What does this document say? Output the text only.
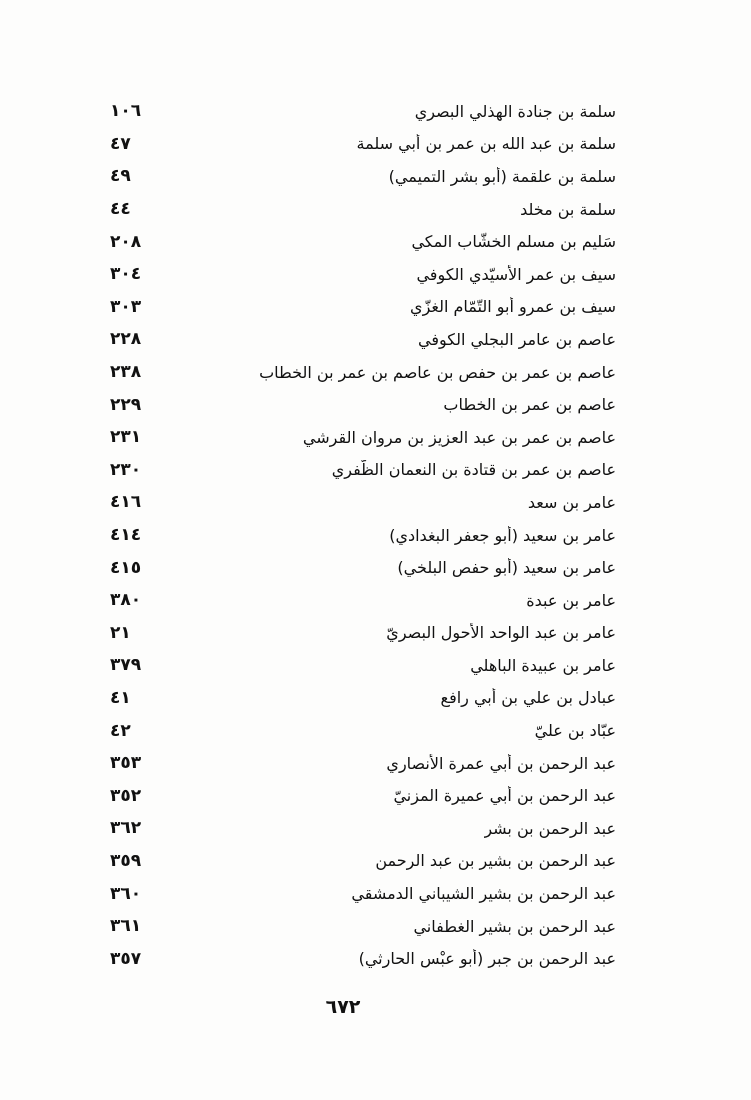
١٠٦	سلمة بن جنادة الهذلي البصري
٤٧	سلمة بن عبد الله بن عمر بن أبي سلمة
٤٩	سلمة بن علقمة (أبو بشر التميمي)
٤٤	سلمة بن مخلد
٢٠٨	سَليم بن مسلم الخشّاب المكي
٣٠٤	سيف بن عمر الأسيّدي الكوفي
٣٠٣	سيف بن عمرو أبو التّمّام الغزّي
٢٢٨	عاصم بن عامر البجلي الكوفي
٢٣٨	عاصم بن عمر بن حفص بن عاصم بن عمر بن الخطاب
٢٢٩	عاصم بن عمر بن الخطاب
٢٣١	عاصم بن عمر بن عبد العزيز بن مروان القرشي
٢٣٠	عاصم بن عمر بن قتادة بن النعمان الظّفري
٤١٦	عامر بن سعد
٤١٤	عامر بن سعيد (أبو جعفر البغدادي)
٤١٥	عامر بن سعيد (أبو حفص البلخي)
٣٨٠	عامر بن عبدة
٢١	عامر بن عبد الواحد الأحول البصريّ
٣٧٩	عامر بن عبيدة الباهلي
٤١	عبادل بن علي بن أبي رافع
٤٢	عبّاد بن عليّ
٣٥٣	عبد الرحمن بن أبي عمرة الأنصاري
٣٥٢	عبد الرحمن بن أبي عميرة المزنيّ
٣٦٢	عبد الرحمن بن بشر
٣٥٩	عبد الرحمن بن بشير بن عبد الرحمن
٣٦٠	عبد الرحمن بن بشير الشيباني الدمشقي
٣٦١	عبد الرحمن بن بشير الغطفاني
٣٥٧	عبد الرحمن بن جبر (أبو عبْس الحارثي)
٦٧٢
